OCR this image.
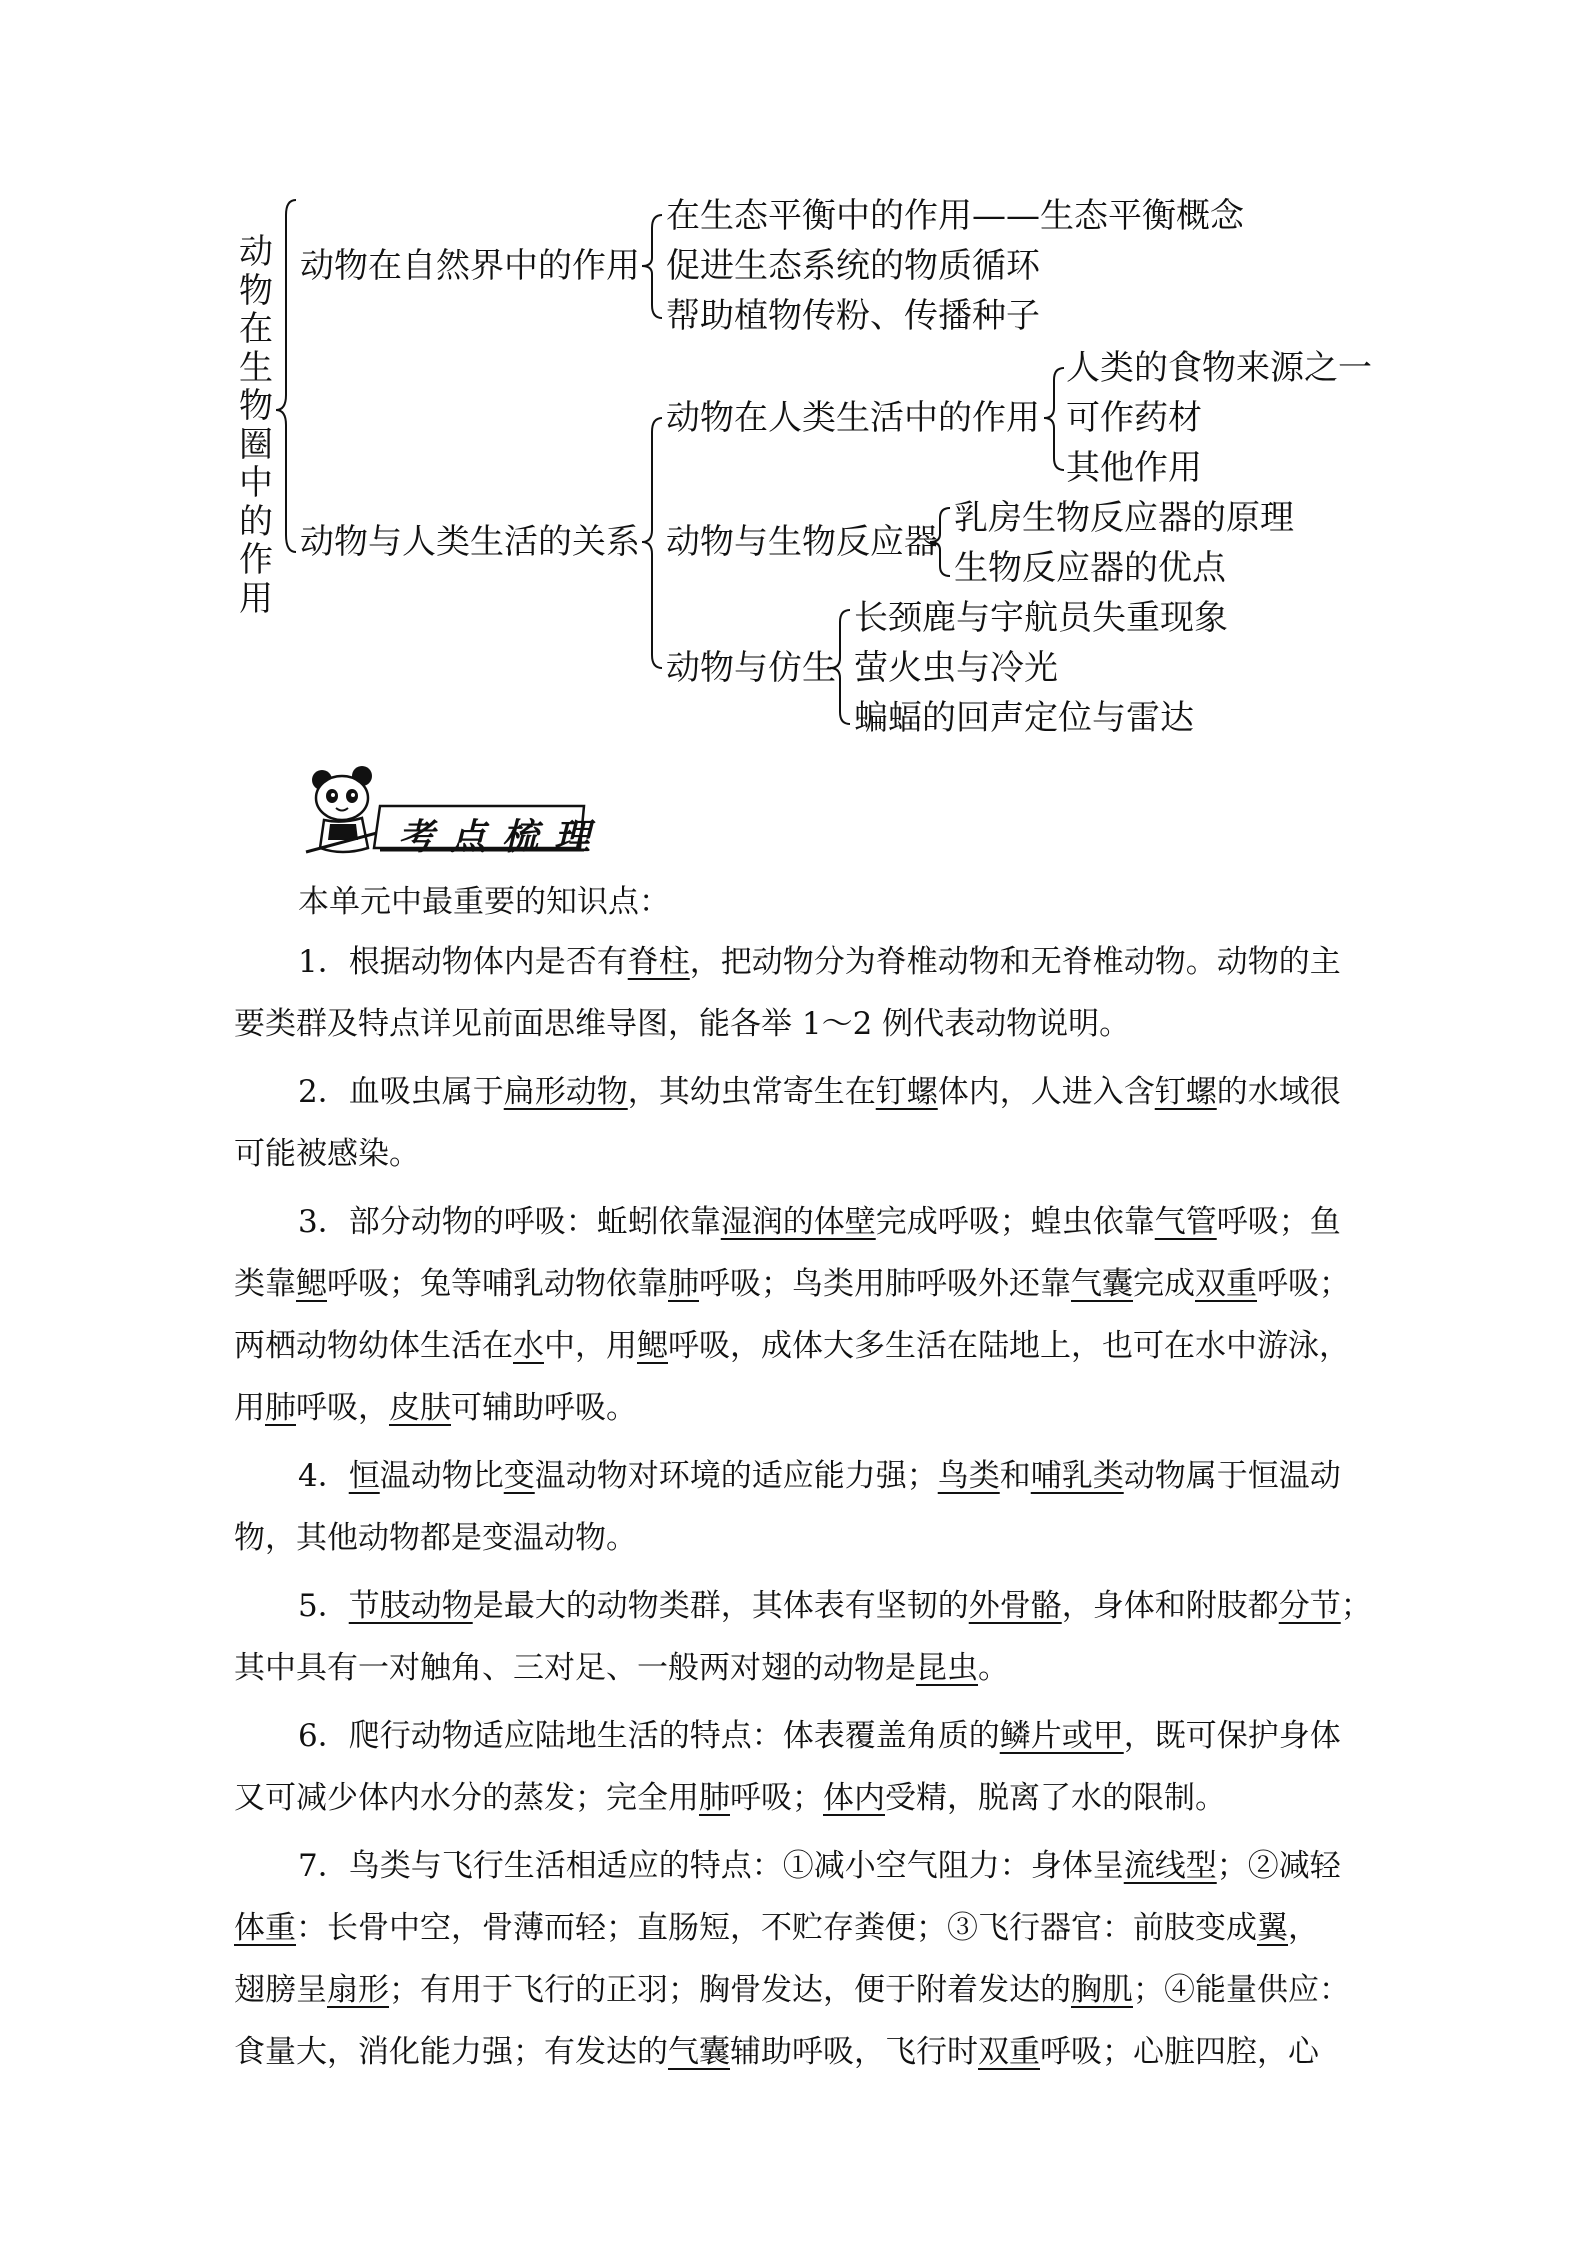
动
物
在
生
物
圈
中
的
作
用
动物在自然界中的作用
在生态平衡中的作用——生态平衡概念
促进生态系统的物质循环
帮助植物传粉、传播种子
动物与人类生活的关系
动物在人类生活中的作用
人类的食物来源之一
可作药材
其他作用
动物与生物反应器
乳房生物反应器的原理
生物反应器的优点
动物与仿生
长颈鹿与宇航员失重现象
萤火虫与冷光
蝙蝠的回声定位与雷达
考点梳理
本单元中最重要的知识点：
1．根据动物体内是否有脊柱，把动物分为脊椎动物和无脊椎动物。动物的主
要类群及特点详见前面思维导图，能各举 1～2 例代表动物说明。
2．血吸虫属于扁形动物，其幼虫常寄生在钉螺体内，人进入含钉螺的水域很
可能被感染。
3．部分动物的呼吸：蚯蚓依靠湿润的体壁完成呼吸；蝗虫依靠气管呼吸；鱼
类靠鳃呼吸；兔等哺乳动物依靠肺呼吸；鸟类用肺呼吸外还靠气囊完成双重呼吸；
两栖动物幼体生活在水中，用鳃呼吸，成体大多生活在陆地上，也可在水中游泳，
用肺呼吸，皮肤可辅助呼吸。
4．恒温动物比变温动物对环境的适应能力强；鸟类和哺乳类动物属于恒温动
物，其他动物都是变温动物。
5．节肢动物是最大的动物类群，其体表有坚韧的外骨骼，身体和附肢都分节；
其中具有一对触角、三对足、一般两对翅的动物是昆虫。
6．爬行动物适应陆地生活的特点：体表覆盖角质的鳞片或甲，既可保护身体
又可减少体内水分的蒸发；完全用肺呼吸；体内受精，脱离了水的限制。
7．鸟类与飞行生活相适应的特点：①减小空气阻力：身体呈流线型；②减轻
体重：长骨中空，骨薄而轻；直肠短，不贮存粪便；③飞行器官：前肢变成翼，
翅膀呈扇形；有用于飞行的正羽；胸骨发达，便于附着发达的胸肌；④能量供应：
食量大，消化能力强；有发达的气囊辅助呼吸，飞行时双重呼吸；心脏四腔，心
